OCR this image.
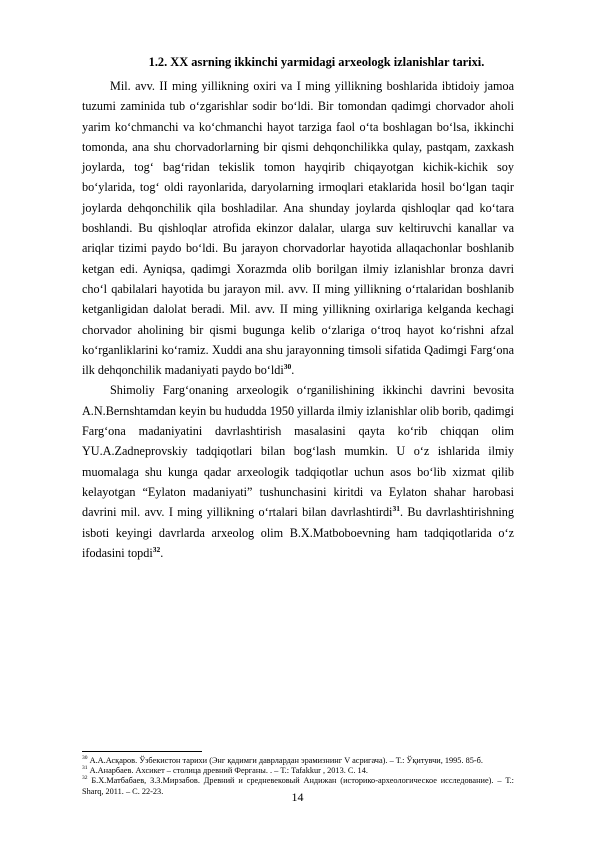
1.2. XX asrning ikkinchi yarmidagi arxeologk izlanishlar tarixi.

Mil. avv. II ming yillikning oxiri va I ming yillikning boshlarida ibtidoiy jamoa tuzumi zaminida tub o‘zgarishlar sodir bo‘ldi. Bir tomondan qadimgi chorvador aholi yarim ko‘chmanchi va ko‘chmanchi hayot tarziga faol o‘ta boshlagan bo‘lsa, ikkinchi tomonda, ana shu chorvadorlarning bir qismi dehqonchilikka qulay, pastqam, zaxkash joylarda, tog‘ bag‘ridan tekislik tomon hayqirib chiqayotgan kichik-kichik soy bo‘ylarida, tog‘ oldi rayonlarida, daryolarning irmoqlari etaklarida hosil bo‘lgan taqir joylarda dehqonchilik qila boshladilar. Ana shunday joylarda qishloqlar qad ko‘tara boshlandi. Bu qishloqlar atrofida ekinzor dalalar, ularga suv keltiruvchi kanallar va ariqlar tizimi paydo bo‘ldi. Bu jarayon chorvadorlar hayotida allaqachonlar boshlanib ketgan edi. Ayniqsa, qadimgi Xorazmda olib borilgan ilmiy izlanishlar bronza davri cho‘l qabilalari hayotida bu jarayon mil. avv. II ming yillikning o‘rtalaridan boshlanib ketganligidan dalolat beradi. Mil. avv. II ming yillikning oxirlariga kelganda kechagi chorvador aholining bir qismi bugunga kelib o‘zlariga o‘troq hayot ko‘rishni afzal ko‘rganliklarini ko‘ramiz. Xuddi ana shu jarayonning timsoli sifatida Qadimgi Farg‘ona ilk dehqonchilik madaniyati paydo bo‘ldi$^{30}$.

Shimoliy Farg‘onaning arxeologik o‘rganilishining ikkinchi davrini bevosita A.N.Bernshtamdan keyin bu hududda 1950 yillarda ilmiy izlanishlar olib borib, qadimgi Farg‘ona madaniyatini davrlashtirish masalasini qayta ko‘rib chiqqan olim YU.A.Zadneprovskiy tadqiqotlari bilan bog‘lash mumkin. U o‘z ishlarida ilmiy muomalaga shu kunga qadar arxeologik tadqiqotlar uchun asos bo‘lib xizmat qilib kelayotgan “Eylaton madaniyati” tushunchasini kiritdi va Eylaton shahar harobasi davrini mil. avv. I ming yillikning o‘rtalari bilan davrlashtirdi$^{31}$. Bu davrlashtirishning isboti keyingi davrlarda arxeolog olim B.X.Matboboevning ham tadqiqotlarida o‘z ifodasini topdi$^{32}$.

$^{30}$ А.А.Асқаров. Ўзбекистон тарихи (Энг қадимги даврлардан эрамизнинг V асригача). – Т.: Ўқитувчи, 1995. 85-б.

$^{31}$ А.Анарбаев. Ахсикет – столица древний Ферганы. . – Т.: Tafakkur , 2013. С. 14.

$^{32}$ Б.Х.Матбабаев, З.З.Мирзабов. Древний и средневековый Андижан (историко-археологическое исследование). – Т.: Sharq, 2011. – С. 22-23.	14
